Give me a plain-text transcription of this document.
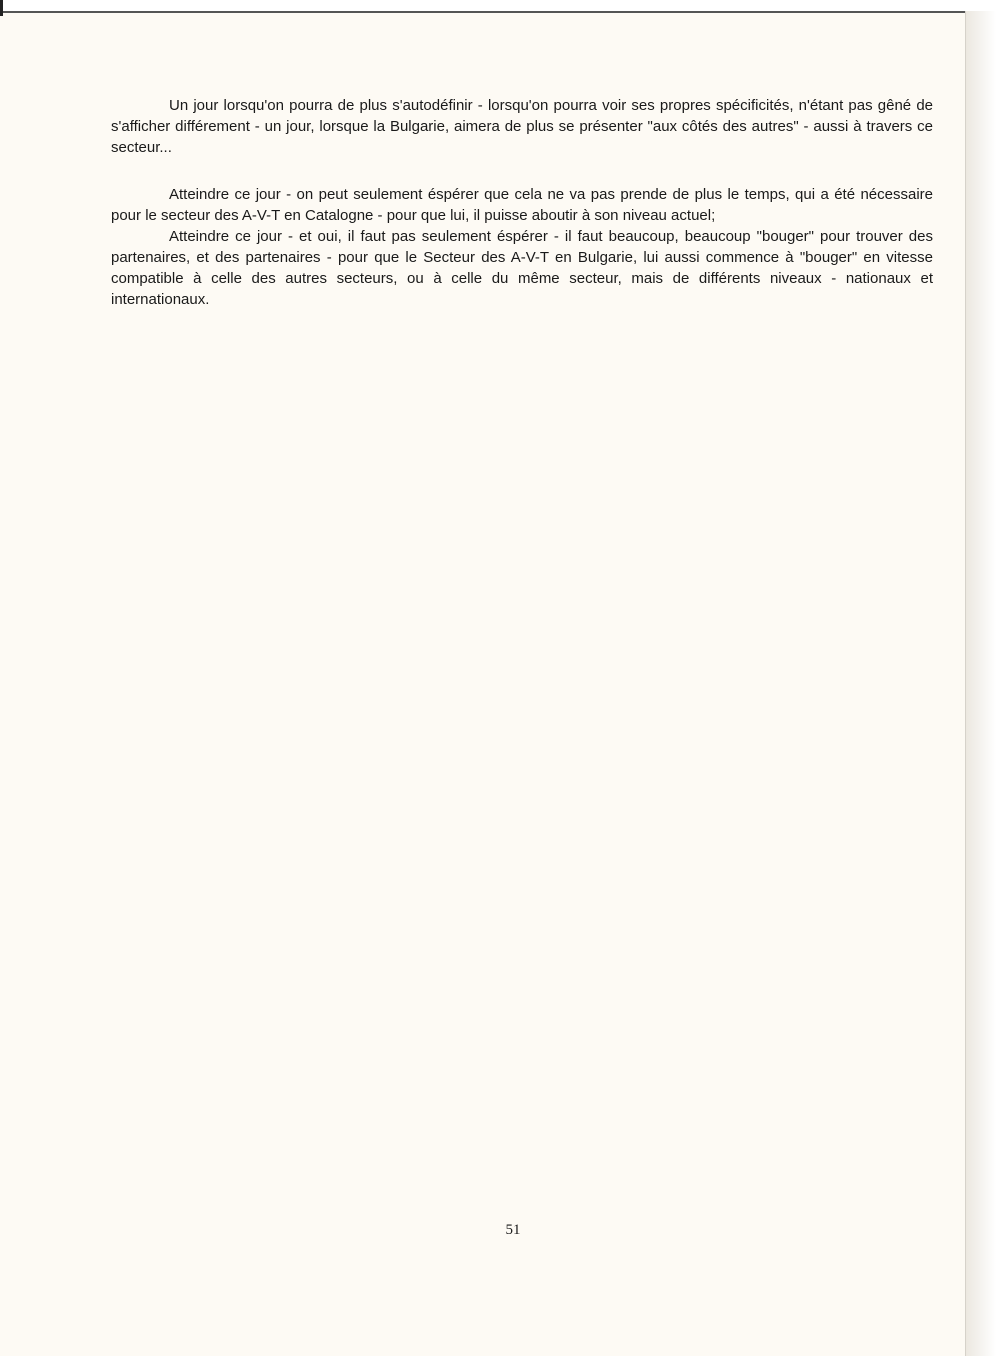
Un jour lorsqu'on pourra de plus s'autodéfinir - lorsqu'on pourra voir ses propres spécificités, n'étant pas gêné de s'afficher différement - un jour, lorsque la Bulgarie, aimera de plus se présenter "aux côtés des autres" - aussi à travers ce secteur...

Atteindre ce jour - on peut seulement éspérer que cela ne va pas prende de plus le temps, qui a été nécessaire pour le secteur des A-V-T en Catalogne - pour que lui, il puisse aboutir à son niveau actuel;

Atteindre ce jour - et oui, il faut pas seulement éspérer - il faut beaucoup, beaucoup "bouger" pour trouver des partenaires, et des partenaires - pour que le Secteur des A-V-T en Bulgarie, lui aussi commence à "bouger" en vitesse compatible à celle des autres secteurs, ou à celle du même secteur, mais de différents niveaux - nationaux et internationaux.

51
